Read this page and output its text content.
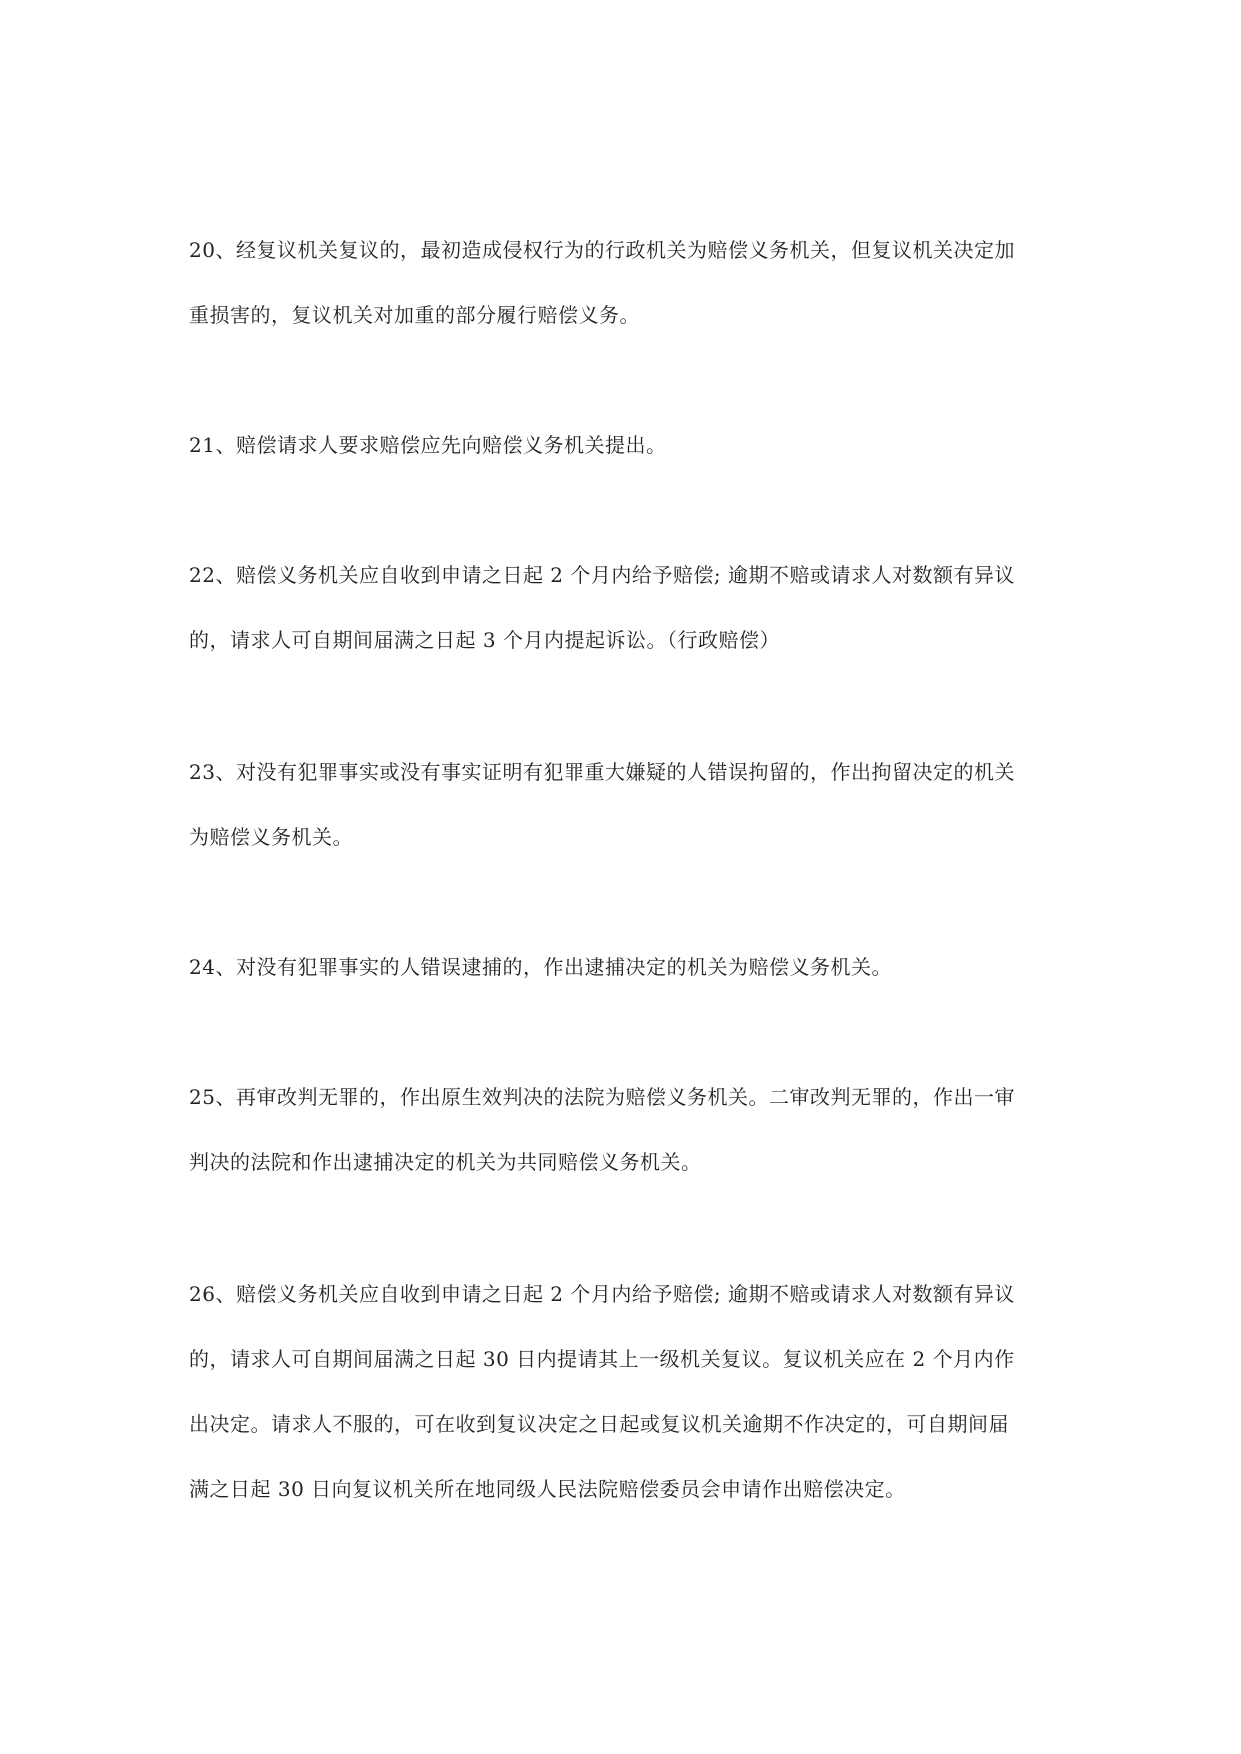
20、经复议机关复议的，最初造成侵权行为的行政机关为赔偿义务机关，但复议机关决定加
重损害的，复议机关对加重的部分履行赔偿义务。

21、赔偿请求人要求赔偿应先向赔偿义务机关提出。

22、赔偿义务机关应自收到申请之日起 2 个月内给予赔偿; 逾期不赔或请求人对数额有异议
的，请求人可自期间届满之日起 3 个月内提起诉讼。（行政赔偿）

23、对没有犯罪事实或没有事实证明有犯罪重大嫌疑的人错误拘留的，作出拘留决定的机关
为赔偿义务机关。

24、对没有犯罪事实的人错误逮捕的，作出逮捕决定的机关为赔偿义务机关。

25、再审改判无罪的，作出原生效判决的法院为赔偿义务机关。二审改判无罪的，作出一审
判决的法院和作出逮捕决定的机关为共同赔偿义务机关。

26、赔偿义务机关应自收到申请之日起 2 个月内给予赔偿; 逾期不赔或请求人对数额有异议
的，请求人可自期间届满之日起 30 日内提请其上一级机关复议。复议机关应在 2 个月内作
出决定。请求人不服的，可在收到复议决定之日起或复议机关逾期不作决定的，可自期间届
满之日起 30 日向复议机关所在地同级人民法院赔偿委员会申请作出赔偿决定。
